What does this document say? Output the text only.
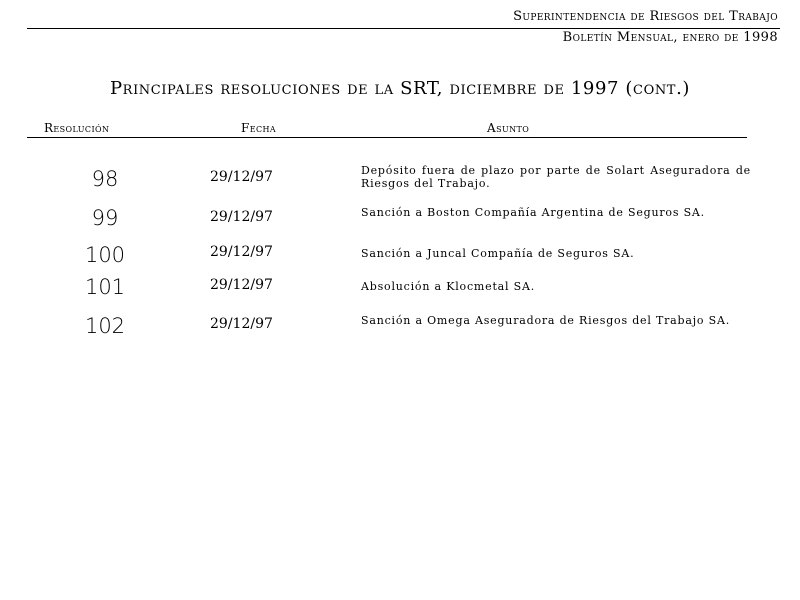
Superintendencia de Riesgos del Trabajo
Boletín Mensual, enero de 1998
Principales resoluciones de la SRT, diciembre de 1997 (cont.)
Resolución	Fecha	Asunto
98	29/12/97	Depósito fuera de plazo por parte de Solart Aseguradora de Riesgos del Trabajo.
99	29/12/97	Sanción a Boston Compañía Argentina de Seguros SA.
100	29/12/97	Sanción a Juncal Compañía de Seguros SA.
101	29/12/97	Absolución a Klocmetal SA.
102	29/12/97	Sanción a Omega Aseguradora de Riesgos del Trabajo SA.
